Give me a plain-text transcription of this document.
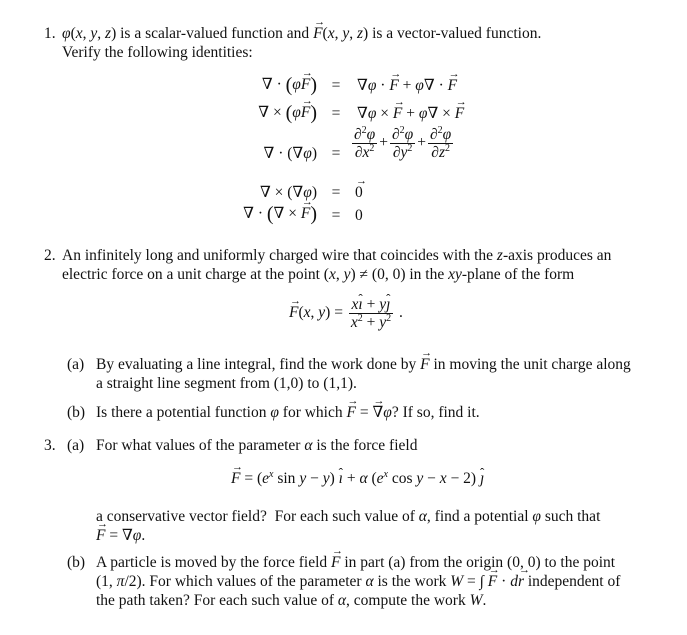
1. φ(x, y, z) is a scalar-valued function and F →(x, y, z) is a vector-valued function.
Verify the following identities:
∇ · (φF →) =	∇φ · F → + φ∇ · F →
∇ × (φF →) =	∇φ × F → + φ∇ × F →
∇ · $(\nabla\varphi) = \frac{\partial^2\varphi}{\partial x^2} + \frac{\partial^2\varphi}{\partial y^2} + \frac{\partial^2\varphi}{\partial z^2}$
∇ × (∇φ) = 0 →
∇ · (∇ × F →) = 0
2. An infinitely long and uniformly charged wire that coincides with the z-axis produces an
electric force on a unit charge at the point (x, y) ≠ (0, 0) in the xy-plane of the form
F →(x, $y) = \frac{\text{xı ˆ + yȷ ˆ}}{x^2 + y^2}$ .
(a) By evaluating a line integral, find the work done by F → in moving the unit charge along
a straight line segment from (1,0) to (1,1).
(b) Is there a potential function φ for which F → = ∇ →φ? If so, find it.
3. (a) For what values of the parameter α is the force field
F → = ($e^x$ sin y − y) ı ˆ + α ($e^x$ cos y − x − 2) ȷ ˆ
a conservative vector field?  For each such value of α, find a potential φ such that
F → = ∇φ.
(b) A particle is moved by the force field F → in part (a) from the origin (0, 0) to the point
(1, π/2). For which values of the parameter α is the work W = ∫ F → · dr → independent of
the path taken? For each such value of α, compute the work W.
